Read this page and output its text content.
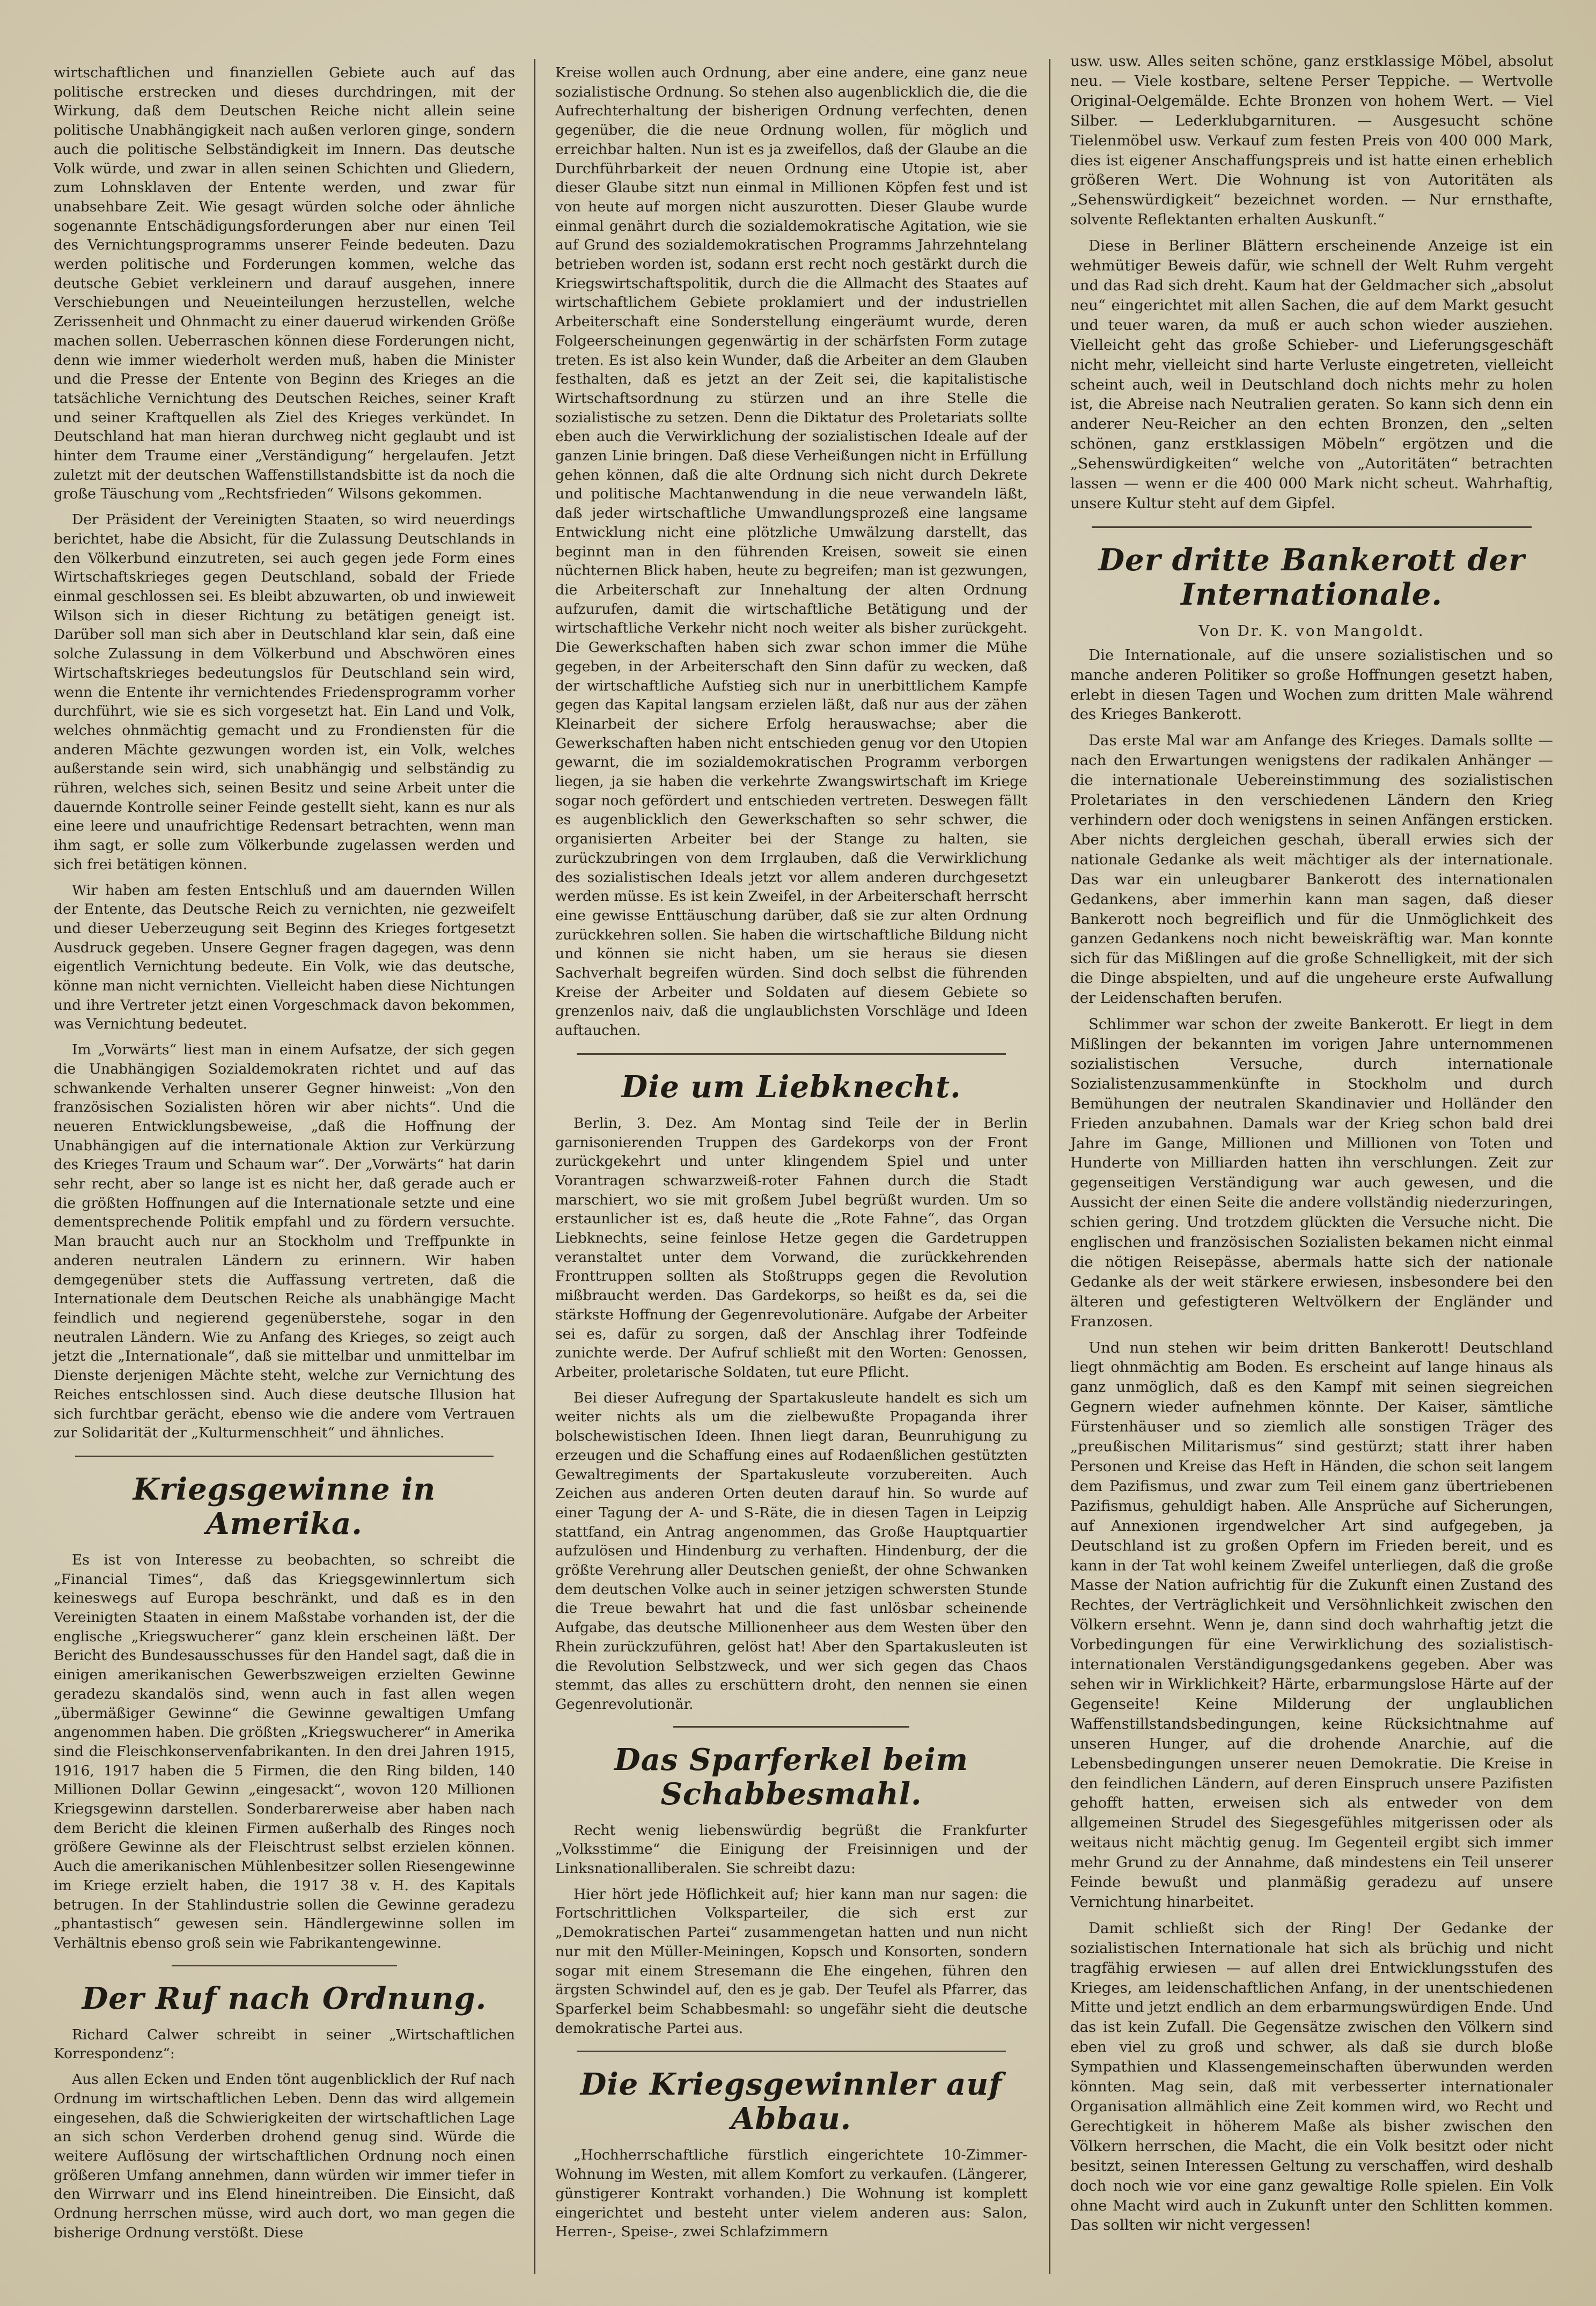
wirtschaftlichen und finanziellen Gebiete auch auf das politische erstrecken und dieses durchdringen, mit der Wirkung, daß dem Deutschen Reiche nicht allein seine politische Unabhängigkeit nach außen verloren ginge, sondern auch die politische Selbständigkeit im Innern. Das deutsche Volk würde, und zwar in allen seinen Schichten und Gliedern, zum Lohnsklaven der Entente werden, und zwar für unabsehbare Zeit. Wie gesagt würden solche oder ähnliche sogenannte Entschädigungsforderungen aber nur einen Teil des Vernichtungsprogramms unserer Feinde bedeuten. Dazu werden politische und Forderungen kommen, welche das deutsche Gebiet verkleinern und darauf ausgehen, innere Verschiebungen und Neueinteilungen herzustellen, welche Zerissenheit und Ohnmacht zu einer dauerud wirkenden Größe machen sollen. Ueberraschen können diese Forderungen nicht, denn wie immer wiederholt werden muß, haben die Minister und die Presse der Entente von Beginn des Krieges an die tatsächliche Vernichtung des Deutschen Reiches, seiner Kraft und seiner Kraftquellen als Ziel des Krieges verkündet. In Deutschland hat man hieran durchweg nicht geglaubt und ist hinter dem Traume einer „Verständigung“ hergelaufen. Jetzt zuletzt mit der deutschen Waffenstillstandsbitte ist da noch die große Täuschung vom „Rechtsfrieden“ Wilsons gekommen.

Der Präsident der Vereinigten Staaten, so wird neuerdings berichtet, habe die Absicht, für die Zulassung Deutschlands in den Völkerbund einzutreten, sei auch gegen jede Form eines Wirtschaftskrieges gegen Deutschland, sobald der Friede einmal geschlossen sei. Es bleibt abzuwarten, ob und inwieweit Wilson sich in dieser Richtung zu betätigen geneigt ist. Darüber soll man sich aber in Deutschland klar sein, daß eine solche Zulassung in dem Völkerbund und Abschwören eines Wirtschaftskrieges bedeutungslos für Deutschland sein wird, wenn die Entente ihr vernichtendes Friedensprogramm vorher durchführt, wie sie es sich vorgesetzt hat. Ein Land und Volk, welches ohnmächtig gemacht und zu Frondiensten für die anderen Mächte gezwungen worden ist, ein Volk, welches außerstande sein wird, sich unabhängig und selbständig zu rühren, welches sich, seinen Besitz und seine Arbeit unter die dauernde Kontrolle seiner Feinde gestellt sieht, kann es nur als eine leere und unaufrichtige Redensart betrachten, wenn man ihm sagt, er solle zum Völkerbunde zugelassen werden und sich frei betätigen können.

Wir haben am festen Entschluß und am dauernden Willen der Entente, das Deutsche Reich zu vernichten, nie gezweifelt und dieser Ueberzeugung seit Beginn des Krieges fortgesetzt Ausdruck gegeben. Unsere Gegner fragen dagegen, was denn eigentlich Vernichtung bedeute. Ein Volk, wie das deutsche, könne man nicht vernichten. Vielleicht haben diese Nichtungen und ihre Vertreter jetzt einen Vorgeschmack davon bekommen, was Vernichtung bedeutet.

Im „Vorwärts“ liest man in einem Aufsatze, der sich gegen die Unabhängigen Sozialdemokraten richtet und auf das schwankende Verhalten unserer Gegner hinweist: „Von den französischen Sozialisten hören wir aber nichts“. Und die neueren Entwicklungsbeweise, „daß die Hoffnung der Unabhängigen auf die internationale Aktion zur Verkürzung des Krieges Traum und Schaum war“. Der „Vorwärts“ hat darin sehr recht, aber so lange ist es nicht her, daß gerade auch er die größten Hoffnungen auf die Internationale setzte und eine dementsprechende Politik empfahl und zu fördern versuchte. Man braucht auch nur an Stockholm und Treffpunkte in anderen neutralen Ländern zu erinnern. Wir haben demgegenüber stets die Auffassung vertreten, daß die Internationale dem Deutschen Reiche als unabhängige Macht feindlich und negierend gegenüberstehe, sogar in den neutralen Ländern. Wie zu Anfang des Krieges, so zeigt auch jetzt die „Internationale“, daß sie mittelbar und unmittelbar im Dienste derjenigen Mächte steht, welche zur Vernichtung des Reiches entschlossen sind. Auch diese deutsche Illusion hat sich furchtbar gerächt, ebenso wie die andere vom Vertrauen zur Solidarität der „Kulturmenschheit“ und ähnliches.

Kriegsgewinne in Amerika.

Es ist von Interesse zu beobachten, so schreibt die „Financial Times“, daß das Kriegsgewinnlertum sich keineswegs auf Europa beschränkt, und daß es in den Vereinigten Staaten in einem Maßstabe vorhanden ist, der die englische „Kriegswucherer“ ganz klein erscheinen läßt. Der Bericht des Bundesausschusses für den Handel sagt, daß die in einigen amerikanischen Gewerbszweigen erzielten Gewinne geradezu skandalös sind, wenn auch in fast allen wegen „übermäßiger Gewinne“ die Gewinne gewaltigen Umfang angenommen haben. Die größten „Kriegswucherer“ in Amerika sind die Fleischkonservenfabrikanten. In den drei Jahren 1915, 1916, 1917 haben die 5 Firmen, die den Ring bilden, 140 Millionen Dollar Gewinn „eingesackt“, wovon 120 Millionen Kriegsgewinn darstellen. Sonderbarerweise aber haben nach dem Bericht die kleinen Firmen außerhalb des Ringes noch größere Gewinne als der Fleischtrust selbst erzielen können. Auch die amerikanischen Mühlenbesitzer sollen Riesengewinne im Kriege erzielt haben, die 1917 38 v. H. des Kapitals betrugen. In der Stahlindustrie sollen die Gewinne geradezu „phantastisch“ gewesen sein. Händlergewinne sollen im Verhältnis ebenso groß sein wie Fabrikantengewinne.

Der Ruf nach Ordnung.

Richard Calwer schreibt in seiner „Wirtschaftlichen Korrespondenz“:

Aus allen Ecken und Enden tönt augenblicklich der Ruf nach Ordnung im wirtschaftlichen Leben. Denn das wird allgemein eingesehen, daß die Schwierigkeiten der wirtschaftlichen Lage an sich schon Verderben drohend genug sind. Würde die weitere Auflösung der wirtschaftlichen Ordnung noch einen größeren Umfang annehmen, dann würden wir immer tiefer in den Wirrwarr und ins Elend hineintreiben. Die Einsicht, daß Ordnung herrschen müsse, wird auch dort, wo man gegen die bisherige Ordnung verstößt. Diese

Kreise wollen auch Ordnung, aber eine andere, eine ganz neue sozialistische Ordnung. So stehen also augenblicklich die, die die Aufrechterhaltung der bisherigen Ordnung verfechten, denen gegenüber, die die neue Ordnung wollen, für möglich und erreichbar halten. Nun ist es ja zweifellos, daß der Glaube an die Durchführbarkeit der neuen Ordnung eine Utopie ist, aber dieser Glaube sitzt nun einmal in Millionen Köpfen fest und ist von heute auf morgen nicht auszurotten. Dieser Glaube wurde einmal genährt durch die sozialdemokratische Agitation, wie sie auf Grund des sozialdemokratischen Programms Jahrzehntelang betrieben worden ist, sodann erst recht noch gestärkt durch die Kriegswirtschaftspolitik, durch die die Allmacht des Staates auf wirtschaftlichem Gebiete proklamiert und der industriellen Arbeiterschaft eine Sonderstellung eingeräumt wurde, deren Folgeerscheinungen gegenwärtig in der schärfsten Form zutage treten. Es ist also kein Wunder, daß die Arbeiter an dem Glauben festhalten, daß es jetzt an der Zeit sei, die kapitalistische Wirtschaftsordnung zu stürzen und an ihre Stelle die sozialistische zu setzen. Denn die Diktatur des Proletariats sollte eben auch die Verwirklichung der sozialistischen Ideale auf der ganzen Linie bringen. Daß diese Verheißungen nicht in Erfüllung gehen können, daß die alte Ordnung sich nicht durch Dekrete und politische Machtanwendung in die neue verwandeln läßt, daß jeder wirtschaftliche Umwandlungsprozeß eine langsame Entwicklung nicht eine plötzliche Umwälzung darstellt, das beginnt man in den führenden Kreisen, soweit sie einen nüchternen Blick haben, heute zu begreifen; man ist gezwungen, die Arbeiterschaft zur Innehaltung der alten Ordnung aufzurufen, damit die wirtschaftliche Betätigung und der wirtschaftliche Verkehr nicht noch weiter als bisher zurückgeht. Die Gewerkschaften haben sich zwar schon immer die Mühe gegeben, in der Arbeiterschaft den Sinn dafür zu wecken, daß der wirtschaftliche Aufstieg sich nur in unerbittlichem Kampfe gegen das Kapital langsam erzielen läßt, daß nur aus der zähen Kleinarbeit der sichere Erfolg herauswachse; aber die Gewerkschaften haben nicht entschieden genug vor den Utopien gewarnt, die im sozialdemokratischen Programm verborgen liegen, ja sie haben die verkehrte Zwangswirtschaft im Kriege sogar noch gefördert und entschieden vertreten. Deswegen fällt es augenblicklich den Gewerkschaften so sehr schwer, die organisierten Arbeiter bei der Stange zu halten, sie zurückzubringen von dem Irrglauben, daß die Verwirklichung des sozialistischen Ideals jetzt vor allem anderen durchgesetzt werden müsse. Es ist kein Zweifel, in der Arbeiterschaft herrscht eine gewisse Enttäuschung darüber, daß sie zur alten Ordnung zurückkehren sollen. Sie haben die wirtschaftliche Bildung nicht und können sie nicht haben, um sie heraus sie diesen Sachverhalt begreifen würden. Sind doch selbst die führenden Kreise der Arbeiter und Soldaten auf diesem Gebiete so grenzenlos naiv, daß die unglaublichsten Vorschläge und Ideen auftauchen.

Die um Liebknecht.

Berlin, 3. Dez. Am Montag sind Teile der in Berlin garnisonierenden Truppen des Gardekorps von der Front zurückgekehrt und unter klingendem Spiel und unter Vorantragen schwarzweiß-roter Fahnen durch die Stadt marschiert, wo sie mit großem Jubel begrüßt wurden. Um so erstaunlicher ist es, daß heute die „Rote Fahne“, das Organ Liebknechts, seine feinlose Hetze gegen die Gardetruppen veranstaltet unter dem Vorwand, die zurückkehrenden Fronttruppen sollten als Stoßtrupps gegen die Revolution mißbraucht werden. Das Gardekorps, so heißt es da, sei die stärkste Hoffnung der Gegenrevolutionäre. Aufgabe der Arbeiter sei es, dafür zu sorgen, daß der Anschlag ihrer Todfeinde zunichte werde. Der Aufruf schließt mit den Worten: Genossen, Arbeiter, proletarische Soldaten, tut eure Pflicht.

Bei dieser Aufregung der Spartakusleute handelt es sich um weiter nichts als um die zielbewußte Propaganda ihrer bolschewistischen Ideen. Ihnen liegt daran, Beunruhigung zu erzeugen und die Schaffung eines auf Rodaenßlichen gestützten Gewaltregiments der Spartakusleute vorzubereiten. Auch Zeichen aus anderen Orten deuten darauf hin. So wurde auf einer Tagung der A- und S-Räte, die in diesen Tagen in Leipzig stattfand, ein Antrag angenommen, das Große Hauptquartier aufzulösen und Hindenburg zu verhaften. Hindenburg, der die größte Verehrung aller Deutschen genießt, der ohne Schwanken dem deutschen Volke auch in seiner jetzigen schwersten Stunde die Treue bewahrt hat und die fast unlösbar scheinende Aufgabe, das deutsche Millionenheer aus dem Westen über den Rhein zurückzuführen, gelöst hat! Aber den Spartakusleuten ist die Revolution Selbstzweck, und wer sich gegen das Chaos stemmt, das alles zu erschüttern droht, den nennen sie einen Gegenrevolutionär.

Das Sparferkel beim Schabbesmahl.

Recht wenig liebenswürdig begrüßt die Frankfurter „Volksstimme“ die Einigung der Freisinnigen und der Linksnationalliberalen. Sie schreibt dazu:

Hier hört jede Höflichkeit auf; hier kann man nur sagen: die Fortschrittlichen Volksparteiler, die sich erst zur „Demokratischen Partei“ zusammengetan hatten und nun nicht nur mit den Müller-Meiningen, Kopsch und Konsorten, sondern sogar mit einem Stresemann die Ehe eingehen, führen den ärgsten Schwindel auf, den es je gab. Der Teufel als Pfarrer, das Sparferkel beim Schabbesmahl: so ungefähr sieht die deutsche demokratische Partei aus.

Die Kriegsgewinnler auf Abbau.

„Hochherrschaftliche fürstlich eingerichtete 10-Zimmer-Wohnung im Westen, mit allem Komfort zu verkaufen. (Längerer, günstigerer Kontrakt vorhanden.) Die Wohnung ist komplett eingerichtet und besteht unter vielem anderen aus: Salon, Herren-, Speise-, zwei Schlafzimmern

usw. usw. Alles seiten schöne, ganz erstklassige Möbel, absolut neu. — Viele kostbare, seltene Perser Teppiche. — Wertvolle Original-Oelgemälde. Echte Bronzen von hohem Wert. — Viel Silber. — Lederklubgarnituren. — Ausgesucht schöne Tielenmöbel usw. Verkauf zum festen Preis von 400 000 Mark, dies ist eigener Anschaffungspreis und ist hatte einen erheblich größeren Wert. Die Wohnung ist von Autoritäten als „Sehenswürdigkeit“ bezeichnet worden. — Nur ernsthafte, solvente Reflektanten erhalten Auskunft.“

Diese in Berliner Blättern erscheinende Anzeige ist ein wehmütiger Beweis dafür, wie schnell der Welt Ruhm vergeht und das Rad sich dreht. Kaum hat der Geldmacher sich „absolut neu“ eingerichtet mit allen Sachen, die auf dem Markt gesucht und teuer waren, da muß er auch schon wieder ausziehen. Vielleicht geht das große Schieber- und Lieferungsgeschäft nicht mehr, vielleicht sind harte Verluste eingetreten, vielleicht scheint auch, weil in Deutschland doch nichts mehr zu holen ist, die Abreise nach Neutralien geraten. So kann sich denn ein anderer Neu-Reicher an den echten Bronzen, den „selten schönen, ganz erstklassigen Möbeln“ ergötzen und die „Sehenswürdigkeiten“ welche von „Autoritäten“ betrachten lassen — wenn er die 400 000 Mark nicht scheut. Wahrhaftig, unsere Kultur steht auf dem Gipfel.

Der dritte Bankerott der Internationale.

Von Dr. K. von Mangoldt.

Die Internationale, auf die unsere sozialistischen und so manche anderen Politiker so große Hoffnungen gesetzt haben, erlebt in diesen Tagen und Wochen zum dritten Male während des Krieges Bankerott.

Das erste Mal war am Anfange des Krieges. Damals sollte — nach den Erwartungen wenigstens der radikalen Anhänger — die internationale Uebereinstimmung des sozialistischen Proletariates in den verschiedenen Ländern den Krieg verhindern oder doch wenigstens in seinen Anfängen ersticken. Aber nichts dergleichen geschah, überall erwies sich der nationale Gedanke als weit mächtiger als der internationale. Das war ein unleugbarer Bankerott des internationalen Gedankens, aber immerhin kann man sagen, daß dieser Bankerott noch begreiflich und für die Unmöglichkeit des ganzen Gedankens noch nicht beweiskräftig war. Man konnte sich für das Mißlingen auf die große Schnelligkeit, mit der sich die Dinge abspielten, und auf die ungeheure erste Aufwallung der Leidenschaften berufen.

Schlimmer war schon der zweite Bankerott. Er liegt in dem Mißlingen der bekannten im vorigen Jahre unternommenen sozialistischen Versuche, durch internationale Sozialistenzusammenkünfte in Stockholm und durch Bemühungen der neutralen Skandinavier und Holländer den Frieden anzubahnen. Damals war der Krieg schon bald drei Jahre im Gange, Millionen und Millionen von Toten und Hunderte von Milliarden hatten ihn verschlungen. Zeit zur gegenseitigen Verständigung war auch gewesen, und die Aussicht der einen Seite die andere vollständig niederzuringen, schien gering. Und trotzdem glückten die Versuche nicht. Die englischen und französischen Sozialisten bekamen nicht einmal die nötigen Reisepässe, abermals hatte sich der nationale Gedanke als der weit stärkere erwiesen, insbesondere bei den älteren und gefestigteren Weltvölkern der Engländer und Franzosen.

Und nun stehen wir beim dritten Bankerott! Deutschland liegt ohnmächtig am Boden. Es erscheint auf lange hinaus als ganz unmöglich, daß es den Kampf mit seinen siegreichen Gegnern wieder aufnehmen könnte. Der Kaiser, sämtliche Fürstenhäuser und so ziemlich alle sonstigen Träger des „preußischen Militarismus“ sind gestürzt; statt ihrer haben Personen und Kreise das Heft in Händen, die schon seit langem dem Pazifismus, und zwar zum Teil einem ganz übertriebenen Pazifismus, gehuldigt haben. Alle Ansprüche auf Sicherungen, auf Annexionen irgendwelcher Art sind aufgegeben, ja Deutschland ist zu großen Opfern im Frieden bereit, und es kann in der Tat wohl keinem Zweifel unterliegen, daß die große Masse der Nation aufrichtig für die Zukunft einen Zustand des Rechtes, der Verträglichkeit und Versöhnlichkeit zwischen den Völkern ersehnt. Wenn je, dann sind doch wahrhaftig jetzt die Vorbedingungen für eine Verwirklichung des sozialistisch-internationalen Verständigungsgedankens gegeben. Aber was sehen wir in Wirklichkeit? Härte, erbarmungslose Härte auf der Gegenseite! Keine Milderung der unglaublichen Waffenstillstandsbedingungen, keine Rücksichtnahme auf unseren Hunger, auf die drohende Anarchie, auf die Lebensbedingungen unserer neuen Demokratie. Die Kreise in den feindlichen Ländern, auf deren Einspruch unsere Pazifisten gehofft hatten, erweisen sich als entweder von dem allgemeinen Strudel des Siegesgefühles mitgerissen oder als weitaus nicht mächtig genug. Im Gegenteil ergibt sich immer mehr Grund zu der Annahme, daß mindestens ein Teil unserer Feinde bewußt und planmäßig geradezu auf unsere Vernichtung hinarbeitet.

Damit schließt sich der Ring! Der Gedanke der sozialistischen Internationale hat sich als brüchig und nicht tragfähig erwiesen — auf allen drei Entwicklungsstufen des Krieges, am leidenschaftlichen Anfang, in der unentschiedenen Mitte und jetzt endlich an dem erbarmungswürdigen Ende. Und das ist kein Zufall. Die Gegensätze zwischen den Völkern sind eben viel zu groß und schwer, als daß sie durch bloße Sympathien und Klassengemeinschaften überwunden werden könnten. Mag sein, daß mit verbesserter internationaler Organisation allmählich eine Zeit kommen wird, wo Recht und Gerechtigkeit in höherem Maße als bisher zwischen den Völkern herrschen, die Macht, die ein Volk besitzt oder nicht besitzt, seinen Interessen Geltung zu verschaffen, wird deshalb doch noch wie vor eine ganz gewaltige Rolle spielen. Ein Volk ohne Macht wird auch in Zukunft unter den Schlitten kommen. Das sollten wir nicht vergessen!
